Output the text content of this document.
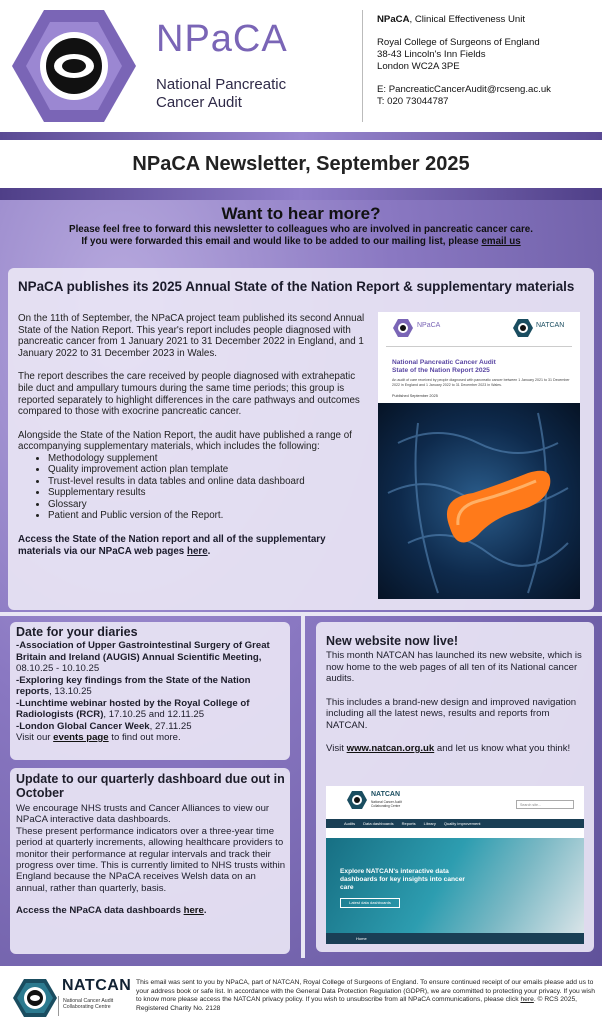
NPaCA
National Pancreatic Cancer Audit

NPaCA, Clinical Effectiveness Unit

Royal College of Surgeons of England

38-43 Lincoln's Inn Fields

London WC2A 3PE

E: PancreaticCancerAudit@rcseng.ac.uk

T: 020 73044787

NPaCA Newsletter, September 2025
Want to hear more?

Please feel free to forward this newsletter to colleagues who are involved in pancreatic cancer care.

If you were forwarded this email and would like to be added to our mailing list, please email us

NPaCA publishes its 2025 Annual State of the Nation Report & supplementary materials

On the 11th of September, the NPaCA project team published its second Annual State of the Nation Report. This year's report includes people diagnosed with pancreatic cancer from 1 January 2021 to 31 December 2022 in England, and 1 January 2022 to 31 December 2023 in Wales.

The report describes the care received by people diagnosed with extrahepatic bile duct and ampullary tumours during the same time periods; this group is reported separately to highlight differences in the care pathways and outcomes compared to those with exocrine pancreatic cancer.

Alongside the State of the Nation Report, the audit have published a range of accompanying supplementary materials, which includes the following:

• Methodology supplement
• Quality improvement action plan template
• Trust-level results in data tables and online data dashboard
• Supplementary results
• Glossary
• Patient and Public version of the Report.

Access the State of the Nation report and all of the supplementary materials via our NPaCA web pages here.

NPaCA	NATCAN
National Pancreatic Cancer Audit
State of the Nation Report 2025
An audit of care received by people diagnosed with pancreatic cancer between 1 January 2021 to 31 December 2022 in England and 1 January 2022 to 31 December 2023 in Wales.
Published September 2025
Date for your diaries
-Association of Upper Gastrointestinal Surgery of Great Britain and Ireland (AUGIS) Annual Scientific Meeting, 08.10.25 - 10.10.25
-Exploring key findings from the State of the Nation reports, 13.10.25
-Lunchtime webinar hosted by the Royal College of Radiologists (RCR), 17.10.25 and 12.11.25
-London Global Cancer Week, 27.11.25
Visit our events page to find out more.
Update to our quarterly dashboard due out in October
We encourage NHS trusts and Cancer Alliances to view our NPaCA interactive data dashboards.

These present performance indicators over a three-year time period at quarterly increments, allowing healthcare providers to monitor their performance at regular intervals and track their progress over time. This is currently limited to NHS trusts within England because the NPaCA receives Welsh data on an annual, rather than quarterly, basis.

Access the NPaCA data dashboards here.

New website now live!

This month NATCAN has launched its new website, which is now home to the web pages of all ten of its National cancer audits.

This includes a brand-new design and improved navigation including all the latest news, results and reports from NATCAN.

Visit www.natcan.org.uk and let us know what you think!

NATCAN
National Cancer Audit Collaborating Centre	Search site...
Audits Data dashboards Reports Library Quality improvement
Explore NATCAN's interactive data dashboards for key insights into cancer care
Latest data dashboards
Home
NATCAN
National Cancer Audit Collaborating Centre
This email was sent to you by NPaCA, part of NATCAN, Royal College of Surgeons of England. To ensure continued receipt of our emails please add us to your address book or safe list. In accordance with the General Data Protection Regulation (GDPR), we are committed to protecting your privacy. If you wish to know more please access the NATCAN privacy policy. If you wish to unsubscribe from all NPaCA communications, please click here. © RCS 2025, Registered Charity No. 2128
